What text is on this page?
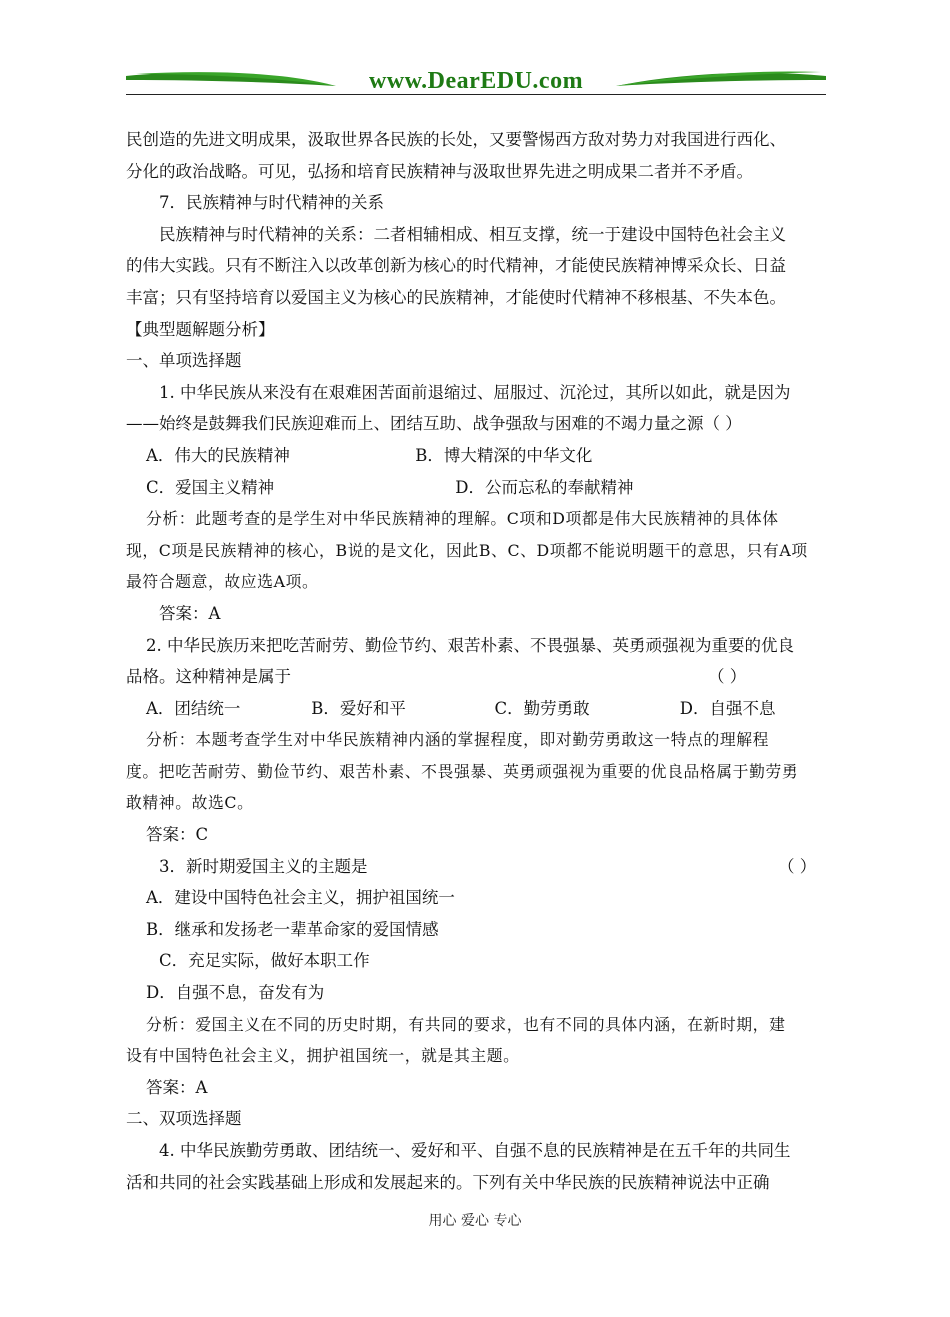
www.DearEDU.com
民创造的先进文明成果，汲取世界各民族的长处，又要警惕西方敌对势力对我国进行西化、
分化的政治战略。可见，弘扬和培育民族精神与汲取世界先进之明成果二者并不矛盾。
7．民族精神与时代精神的关系
民族精神与时代精神的关系：二者相辅相成、相互支撑，统一于建设中国特色社会主义
的伟大实践。只有不断注入以改革创新为核心的时代精神，才能使民族精神博采众长、日益
丰富；只有坚持培育以爱国主义为核心的民族精神，才能使时代精神不移根基、不失本色。
【典型题解题分析】
一、单项选择题
1. 中华民族从来没有在艰难困苦面前退缩过、屈服过、沉沦过，其所以如此，就是因为
——始终是鼓舞我们民族迎难而上、团结互助、战争强敌与困难的不竭力量之源（ ）
A．伟大的民族精神	B．博大精深的中华文化
C．爱国主义精神	D．公而忘私的奉献精神
分析：此题考查的是学生对中华民族精神的理解。C项和D项都是伟大民族精神的具体体
现，C项是民族精神的核心，B说的是文化，因此B、C、D项都不能说明题干的意思，只有A项
最符合题意，故应选A项。
答案：A
2. 中华民族历来把吃苦耐劳、勤俭节约、艰苦朴素、不畏强暴、英勇顽强视为重要的优良
品格。这种精神是属于	（ ）
A．团结统一	B．爱好和平	C．勤劳勇敢	D．自强不息
分析：本题考查学生对中华民族精神内涵的掌握程度，即对勤劳勇敢这一特点的理解程
度。把吃苦耐劳、勤俭节约、艰苦朴素、不畏强暴、英勇顽强视为重要的优良品格属于勤劳勇
敢精神。故选C。
答案：C
3．新时期爱国主义的主题是	（ ）
A．建设中国特色社会主义，拥护祖国统一
B．继承和发扬老一辈革命家的爱国情感
C．充足实际，做好本职工作
D．自强不息，奋发有为
分析：爱国主义在不同的历史时期，有共同的要求，也有不同的具体内涵，在新时期，建
设有中国特色社会主义，拥护祖国统一，就是其主题。
答案：A
二、双项选择题
4. 中华民族勤劳勇敢、团结统一、爱好和平、自强不息的民族精神是在五千年的共同生
活和共同的社会实践基础上形成和发展起来的。下列有关中华民族的民族精神说法中正确
用心 爱心 专心
